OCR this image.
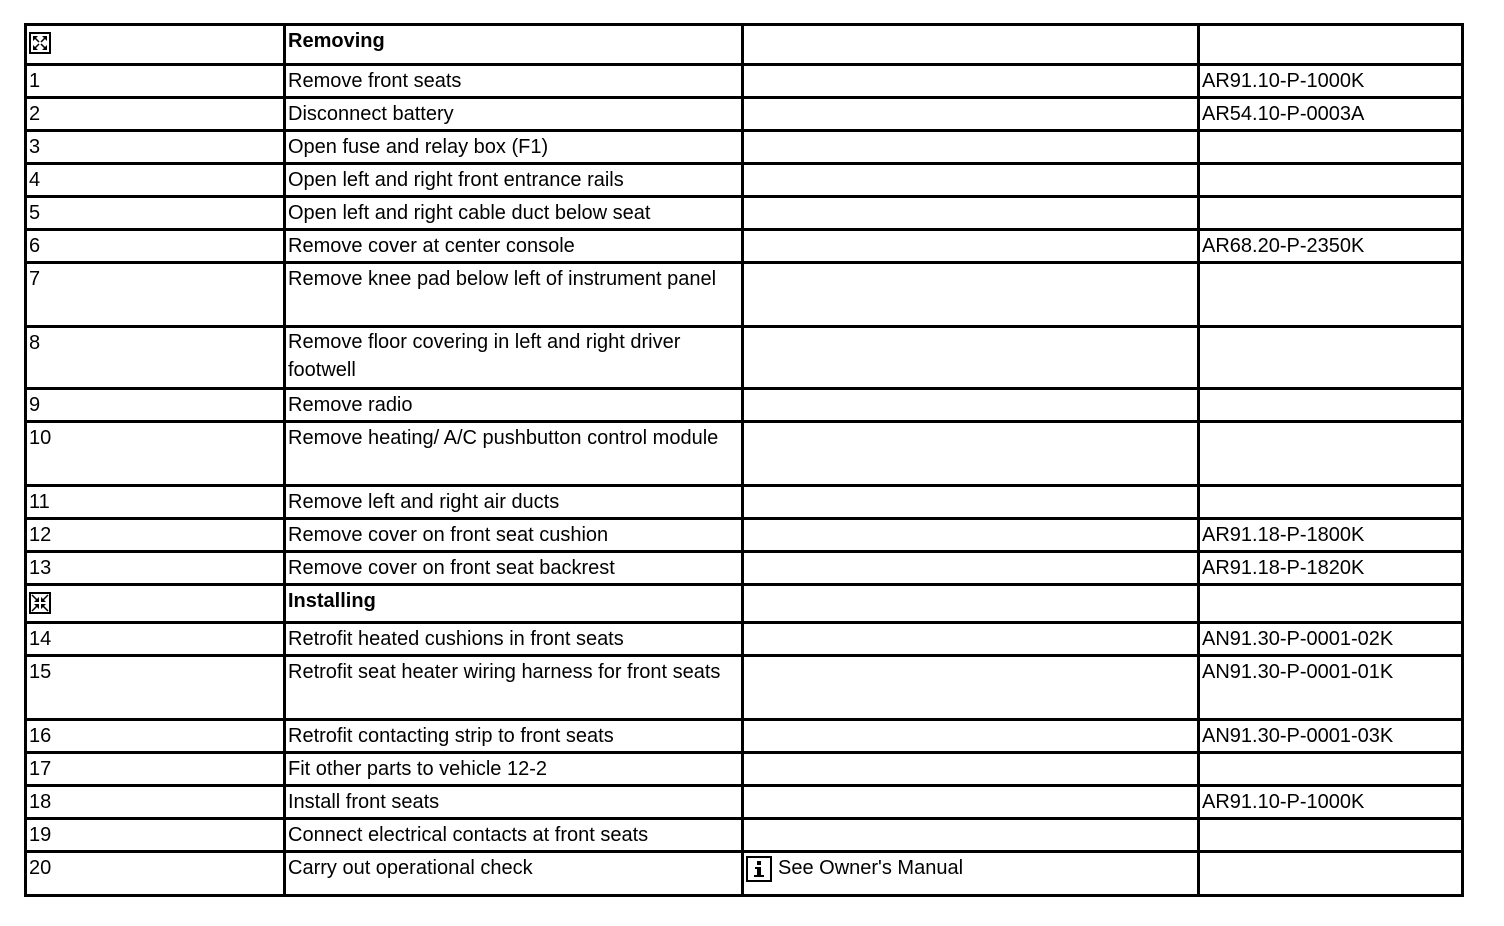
	Removing		
1	Remove front seats		AR91.10-P-1000K
2	Disconnect battery		AR54.10-P-0003A
3	Open fuse and relay box (F1)		
4	Open left and right front entrance rails		
5	Open left and right cable duct below seat		
6	Remove cover at center console		AR68.20-P-2350K
7	Remove knee pad below left of instrument panel		
8	Remove floor covering in left and right driver footwell		
9	Remove radio		
10	Remove heating/ A/C pushbutton control module		
11	Remove left and right air ducts		
12	Remove cover on front seat cushion		AR91.18-P-1800K
13	Remove cover on front seat backrest		AR91.18-P-1820K

	Installing		
14	Retrofit heated cushions in front seats		AN91.30-P-0001-02K
15	Retrofit seat heater wiring harness for front seats		AN91.30-P-0001-01K
16	Retrofit contacting strip to front seats		AN91.30-P-0001-03K
17	Fit other parts to vehicle 12-2		
18	Install front seats		AR91.10-P-1000K
19	Connect electrical contacts at front seats		
20	Carry out operational check	See Owner's Manual	
